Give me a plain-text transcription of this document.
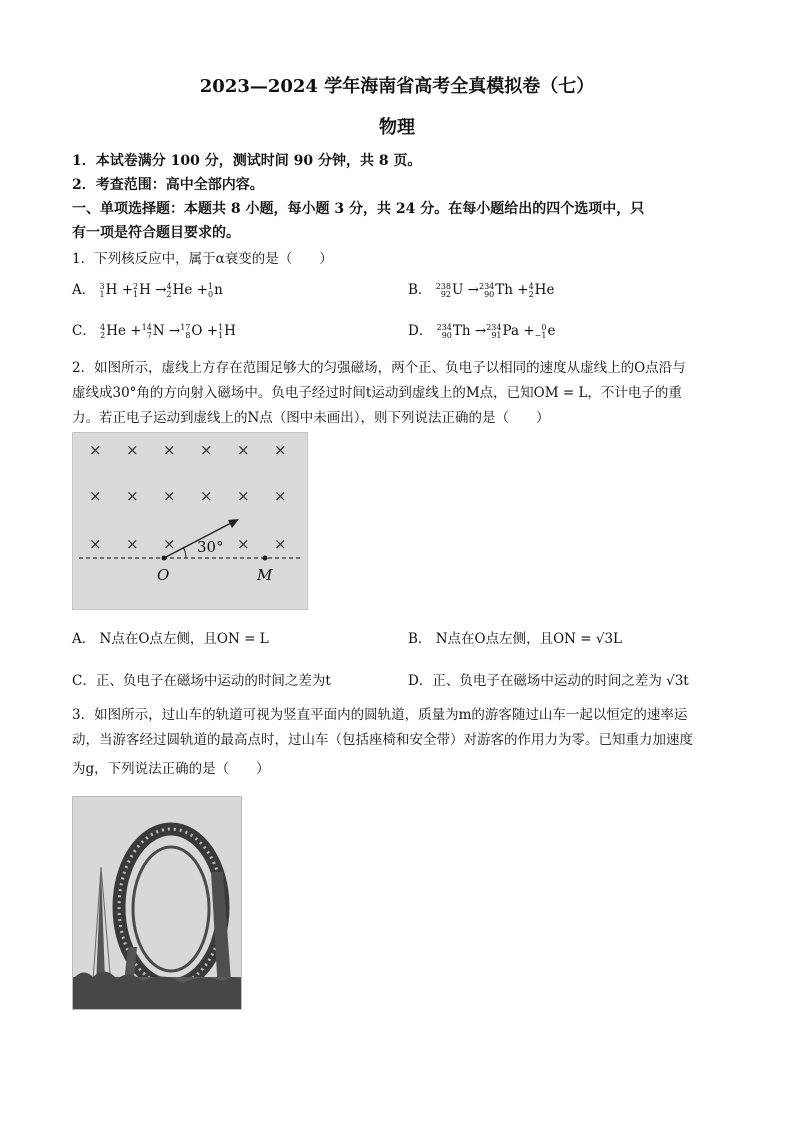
2023—2024 学年海南省高考全真模拟卷（七）
物理
1．本试卷满分 100 分，测试时间 90 分钟，共 8 页。
2．考查范围：高中全部内容。
一、单项选择题：本题共 8 小题，每小题 3 分，共 24 分。在每小题给出的四个选项中，只
有一项是符合题目要求的。
1．下列核反应中，属于α衰变的是（　　）
A． 3
1 H + 2
1 H → 4
2 He + 1
0 n	B． 238
92 U → 234
90 Th + 4
2 He
C． 4
2 He + 14
7 N → 17
8 O + 1
1 H	D． 234
90 Th → 234
91 Pa + 0
−1 e
2．如图所示，虚线上方存在范围足够大的匀强磁场，两个正、负电子以相同的速度从虚线上的O点沿与
虚线成30°角的方向射入磁场中。负电子经过时间t运动到虚线上的M点，已知OM = L，不计电子的重
力。若正电子运动到虚线上的N点（图中未画出），则下列说法正确的是（　　）
× × × × × ×
× × × × × ×
× × ×	× ×
30°
O	M
A． N点在O点左侧，且ON = L	B． N点在O点左侧，且ON = √3L
C．正、负电子在磁场中运动的时间之差为t	D．正、负电子在磁场中运动的时间之差为 √3t
3．如图所示，过山车的轨道可视为竖直平面内的圆轨道，质量为m的游客随过山车一起以恒定的速率运
动，当游客经过圆轨道的最高点时，过山车（包括座椅和安全带）对游客的作用力为零。已知重力加速度
为g，下列说法正确的是（　　）
